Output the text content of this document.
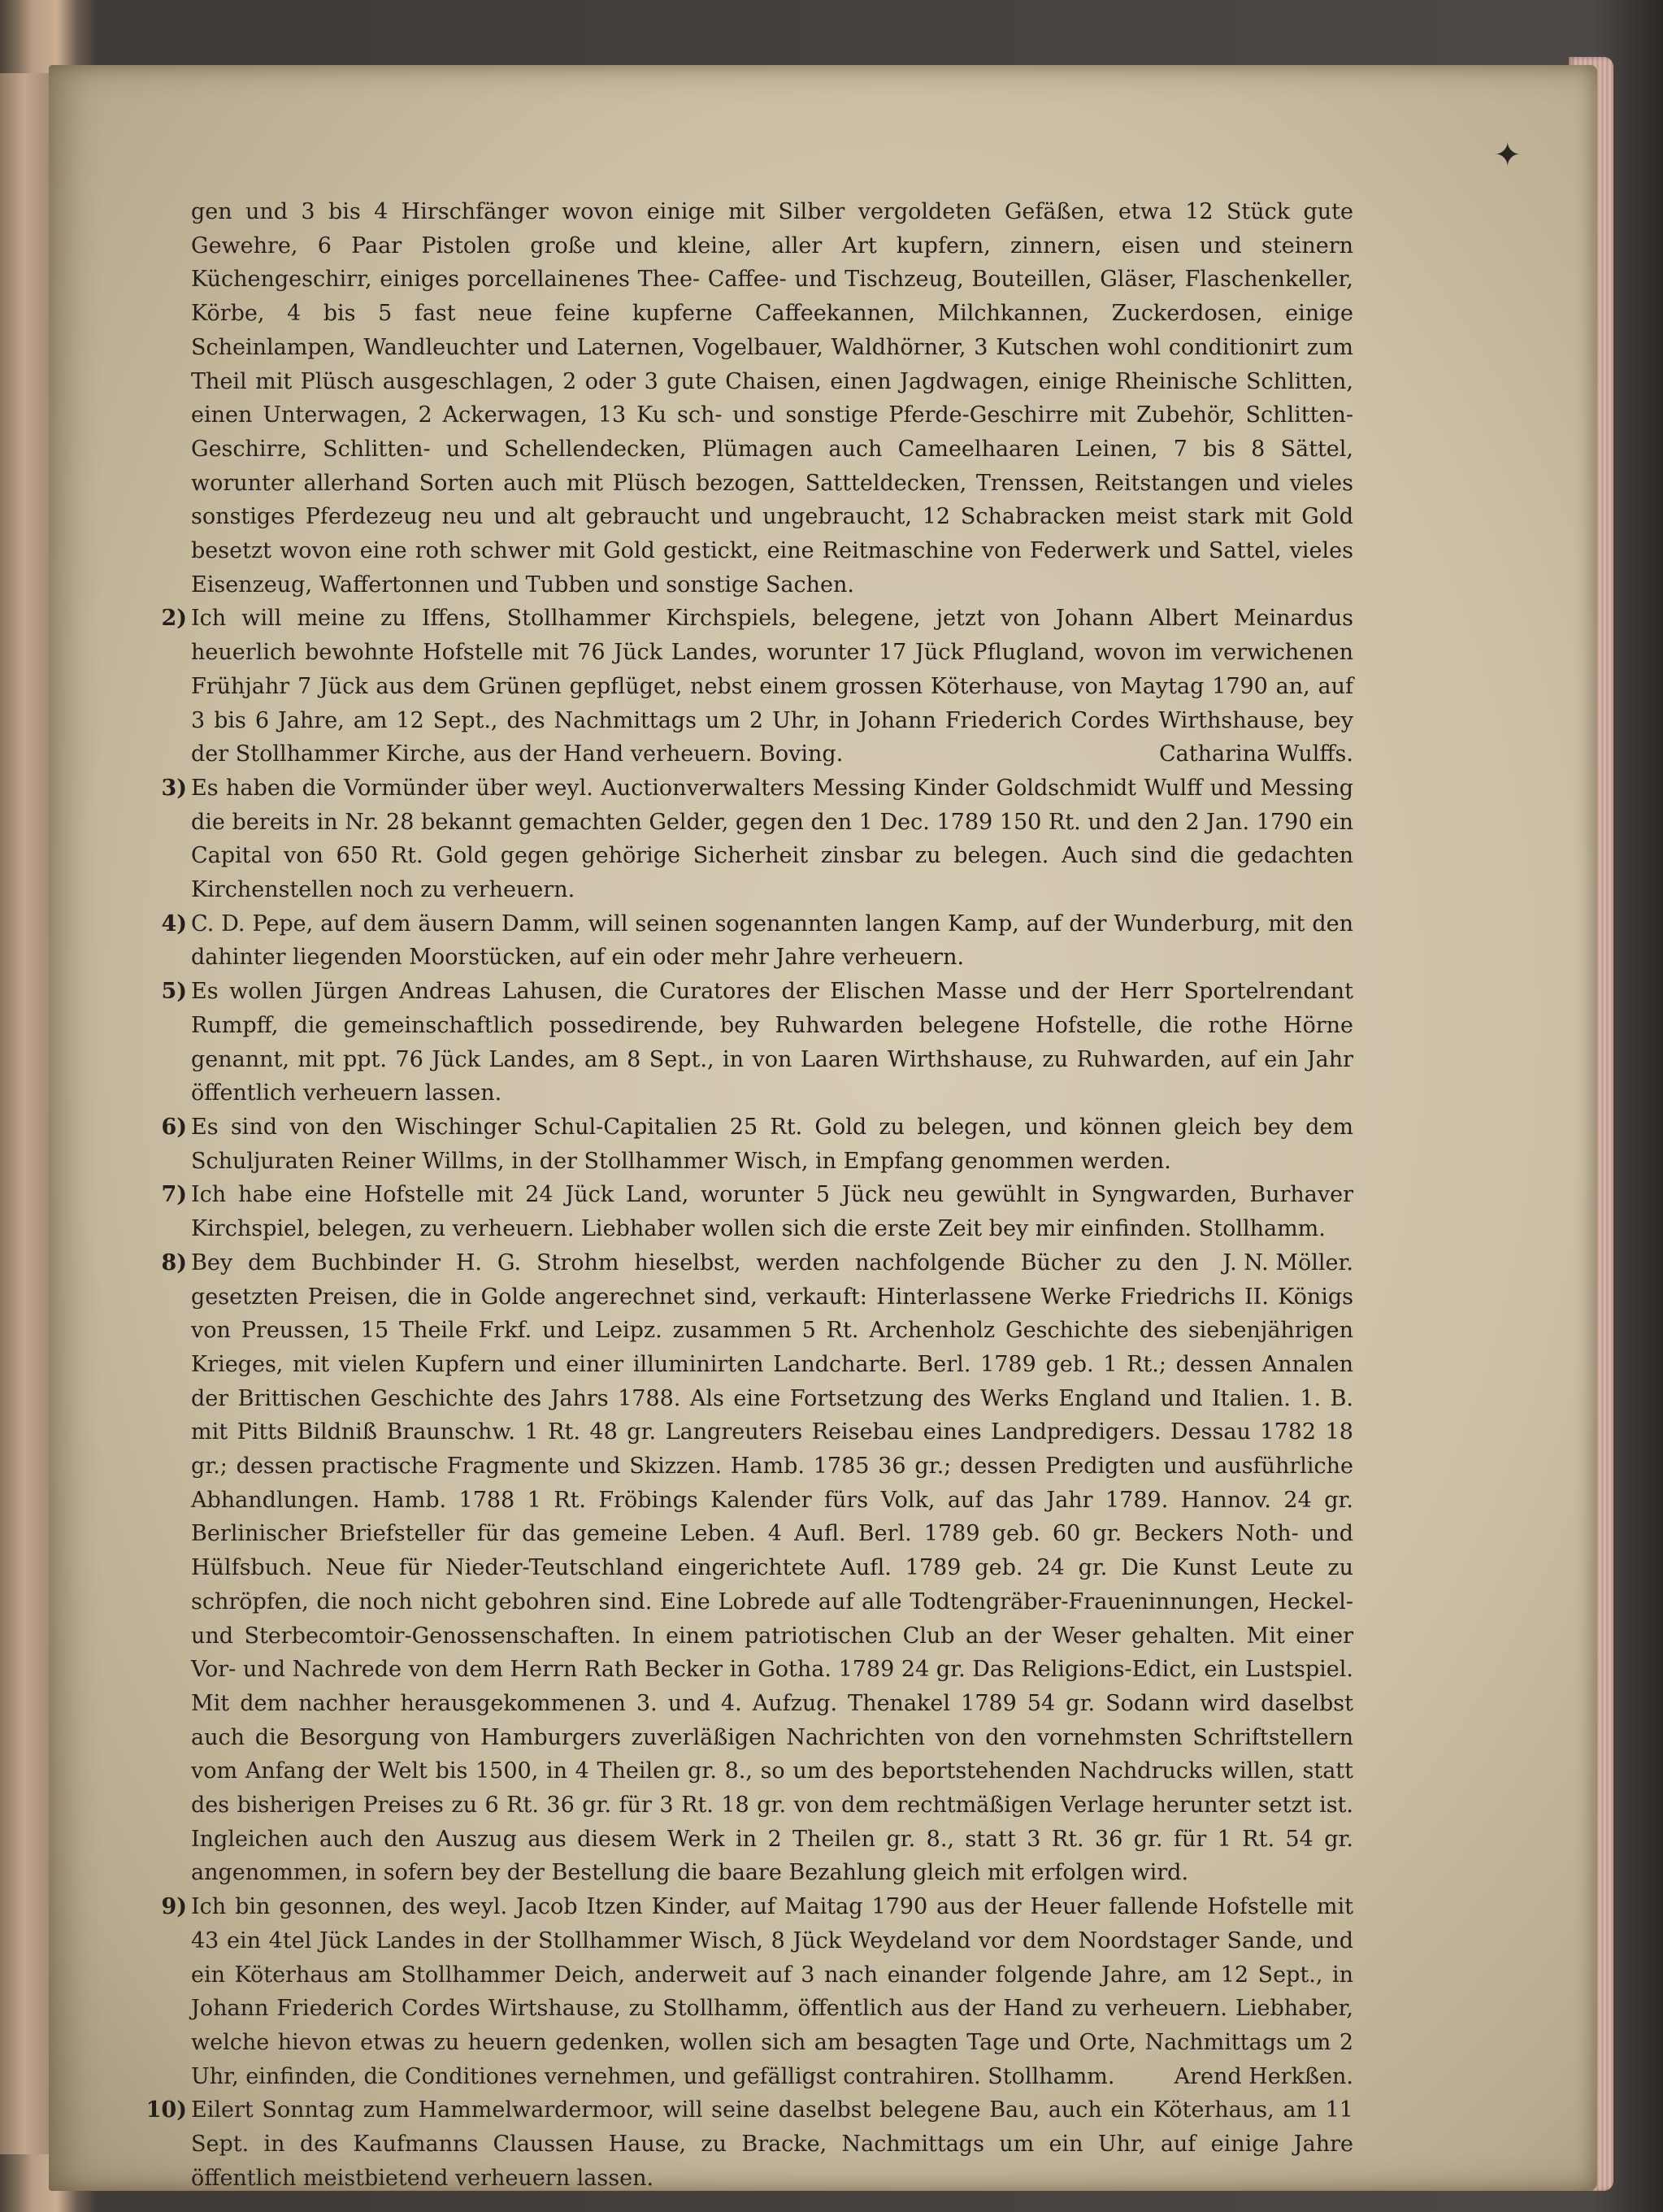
✦

gen und 3 bis 4 Hirschfänger wovon einige mit Silber vergoldeten Gefäßen, etwa 12 Stück gute Gewehre, 6 Paar Pistolen große und kleine, aller Art kupfern, zinnern, eisen und steinern Küchengeschirr, einiges porcellainenes Thee- Caffee- und Tischzeug, Bouteillen, Gläser, Flaschenkeller, Körbe, 4 bis 5 fast neue feine kupferne Caffeekannen, Milchkannen, Zuckerdosen, einige Scheinlampen, Wandleuchter und Laternen, Vogelbauer, Waldhörner, 3 Kutschen wohl conditionirt zum Theil mit Plüsch ausgeschlagen, 2 oder 3 gute Chaisen, einen Jagdwagen, einige Rheinische Schlitten, einen Unterwagen, 2 Ackerwagen, 13 Ku sch- und sonstige Pferde-Geschirre mit Zubehör, Schlitten-Geschirre, Schlitten- und Schellendecken, Plümagen auch Cameelhaaren Leinen, 7 bis 8 Sättel, worunter allerhand Sorten auch mit Plüsch bezogen, Sattteldecken, Trenssen, Reitstangen und vieles sonstiges Pferdezeug neu und alt gebraucht und ungebraucht, 12 Schabracken meist stark mit Gold besetzt wovon eine roth schwer mit Gold gestickt, eine Reitmaschine von Federwerk und Sattel, vieles Eisenzeug, Waffertonnen und Tubben und sonstige Sachen.

2) Ich will meine zu Iffens, Stollhammer Kirchspiels, belegene, jetzt von Johann Albert Meinardus heuerlich bewohnte Hofstelle mit 76 Jück Landes, worunter 17 Jück Pflugland, wovon im verwichenen Frühjahr 7 Jück aus dem Grünen gepflüget, nebst einem grossen Köterhause, von Maytag 1790 an, auf 3 bis 6 Jahre, am 12 Sept., des Nachmittags um 2 Uhr, in Johann Friederich Cordes Wirthshause, bey der Stollhammer Kirche, aus der Hand verheuern. Boving.	Catharina Wulffs.
3) Es haben die Vormünder über weyl. Auctionverwalters Messing Kinder Goldschmidt Wulff und Messing die bereits in Nr. 28 bekannt gemachten Gelder, gegen den 1 Dec. 1789 150 Rt. und den 2 Jan. 1790 ein Capital von 650 Rt. Gold gegen gehörige Sicherheit zinsbar zu belegen. Auch sind die gedachten Kirchenstellen noch zu verheuern.
4) C. D. Pepe, auf dem äusern Damm, will seinen sogenannten langen Kamp, auf der Wunderburg, mit den dahinter liegenden Moorstücken, auf ein oder mehr Jahre verheuern.
5) Es wollen Jürgen Andreas Lahusen, die Curatores der Elischen Masse und der Herr Sportelrendant Rumpff, die gemeinschaftlich possedirende, bey Ruhwarden belegene Hofstelle, die rothe Hörne genannt, mit ppt. 76 Jück Landes, am 8 Sept., in von Laaren Wirthshause, zu Ruhwarden, auf ein Jahr öffentlich verheuern lassen.
6) Es sind von den Wischinger Schul-Capitalien 25 Rt. Gold zu belegen, und können gleich bey dem Schuljuraten Reiner Willms, in der Stollhammer Wisch, in Empfang genommen werden.
7) Ich habe eine Hofstelle mit 24 Jück Land, worunter 5 Jück neu gewühlt in Syngwarden, Burhaver Kirchspiel, belegen, zu verheuern. Liebhaber wollen sich die erste Zeit bey mir einfinden. Stollhamm.
J. N. Möller.
8) Bey dem Buchbinder H. G. Strohm hieselbst, werden nachfolgende Bücher zu den gesetzten Preisen, die in Golde angerechnet sind, verkauft: Hinterlassene Werke Friedrichs II. Königs von Preussen, 15 Theile Frkf. und Leipz. zusammen 5 Rt. Archenholz Geschichte des siebenjährigen Krieges, mit vielen Kupfern und einer illuminirten Landcharte. Berl. 1789 geb. 1 Rt.; dessen Annalen der Brittischen Geschichte des Jahrs 1788. Als eine Fortsetzung des Werks England und Italien. 1. B. mit Pitts Bildniß Braunschw. 1 Rt. 48 gr. Langreuters Reisebau eines Landpredigers. Dessau 1782 18 gr.; dessen practische Fragmente und Skizzen. Hamb. 1785 36 gr.; dessen Predigten und ausführliche Abhandlungen. Hamb. 1788 1 Rt. Fröbings Kalender fürs Volk, auf das Jahr 1789. Hannov. 24 gr. Berlinischer Briefsteller für das gemeine Leben. 4 Aufl. Berl. 1789 geb. 60 gr. Beckers Noth- und Hülfsbuch. Neue für Nieder-Teutschland eingerichtete Aufl. 1789 geb. 24 gr. Die Kunst Leute zu schröpfen, die noch nicht gebohren sind. Eine Lobrede auf alle Todtengräber-Fraueninnungen, Heckel- und Sterbecomtoir-Genossenschaften. In einem patriotischen Club an der Weser gehalten. Mit einer Vor- und Nachrede von dem Herrn Rath Becker in Gotha. 1789 24 gr. Das Religions-Edict, ein Lustspiel. Mit dem nachher herausgekommenen 3. und 4. Aufzug. Thenakel 1789 54 gr. Sodann wird daselbst auch die Besorgung von Hamburgers zuverläßigen Nachrichten von den vornehmsten Schriftstellern vom Anfang der Welt bis 1500, in 4 Theilen gr. 8., so um des beportstehenden Nachdrucks willen, statt des bisherigen Preises zu 6 Rt. 36 gr. für 3 Rt. 18 gr. von dem rechtmäßigen Verlage herunter setzt ist. Ingleichen auch den Auszug aus diesem Werk in 2 Theilen gr. 8., statt 3 Rt. 36 gr. für 1 Rt. 54 gr. angenommen, in sofern bey der Bestellung die baare Bezahlung gleich mit erfolgen wird.
9) Ich bin gesonnen, des weyl. Jacob Itzen Kinder, auf Maitag 1790 aus der Heuer fallende Hofstelle mit 43 ein 4tel Jück Landes in der Stollhammer Wisch, 8 Jück Weydeland vor dem Noordstager Sande, und ein Köterhaus am Stollhammer Deich, anderweit auf 3 nach einander folgende Jahre, am 12 Sept., in Johann Friederich Cordes Wirtshause, zu Stollhamm, öffentlich aus der Hand zu verheuern. Liebhaber, welche hievon etwas zu heuern gedenken, wollen sich am besagten Tage und Orte, Nachmittags um 2 Uhr, einfinden, die Conditiones vernehmen, und gefälligst contrahiren. Stollhamm.	Arend Herkßen.
10) Eilert Sonntag zum Hammelwardermoor, will seine daselbst belegene Bau, auch ein Köterhaus, am 11 Sept. in des Kaufmanns Claussen Hause, zu Bracke, Nachmittags um ein Uhr, auf einige Jahre öffentlich meistbietend verheuern lassen.
